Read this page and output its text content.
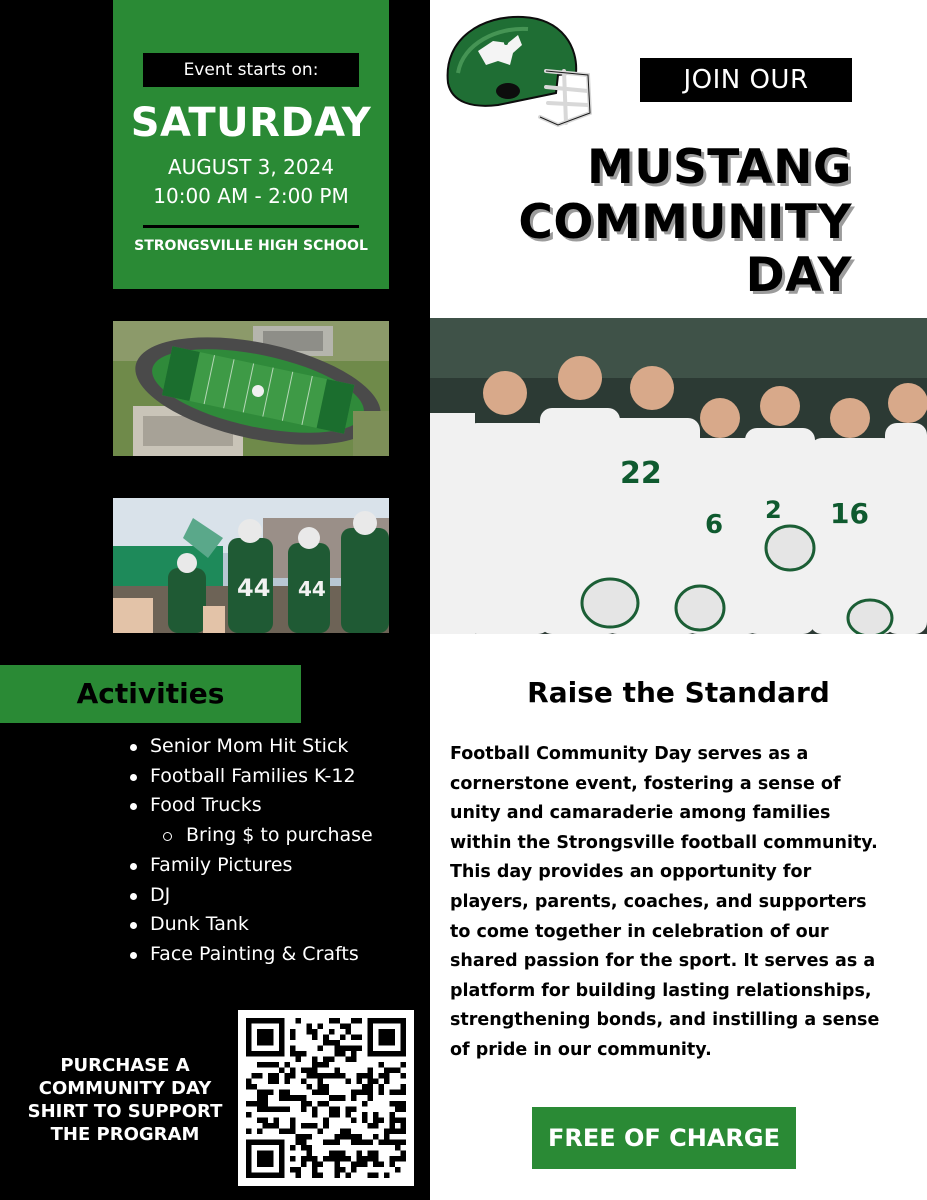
Event starts on:
SATURDAY
AUGUST 3, 2024
10:00 AM - 2:00 PM
STRONGSVILLE HIGH SCHOOL
44 44
22
6	16
2
Activities
Senior Mom Hit Stick
Football Families K-12
Food Trucks
Bring $ to purchase
Family Pictures
DJ
Dunk Tank
Face Painting & Crafts
PURCHASE A
COMMUNITY DAY
SHIRT TO SUPPORT
THE PROGRAM
JOIN OUR
MUSTANG
COMMUNITY
DAY
Raise the Standard
Football Community Day serves as a
cornerstone event, fostering a sense of
unity and camaraderie among families
within the Strongsville football community.
This day provides an opportunity for
players, parents, coaches, and supporters
to come together in celebration of our
shared passion for the sport. It serves as a
platform for building lasting relationships,
strengthening bonds, and instilling a sense
of pride in our community.
FREE OF CHARGE
